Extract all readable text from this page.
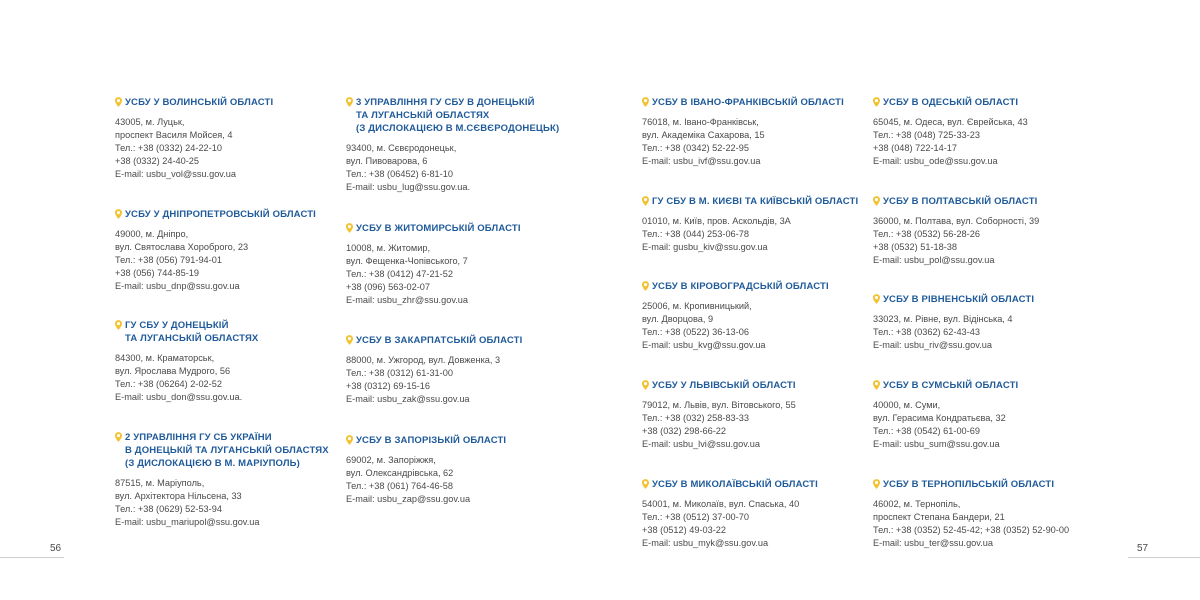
УСБУ У ВОЛИНСЬКІЙ ОБЛАСТІ
43005, м. Луцьк,
проспект Василя Мойсея, 4
Тел.: +38 (0332) 24-22-10
+38 (0332) 24-40-25
E-mail: usbu_vol@ssu.gov.ua
УСБУ У ДНІПРОПЕТРОВСЬКІЙ ОБЛАСТІ
49000, м. Дніпро,
вул. Святослава Хороброго, 23
Тел.: +38 (056) 791-94-01
+38 (056) 744-85-19
E-mail: usbu_dnp@ssu.gov.ua
ГУ СБУ У ДОНЕЦЬКІЙ
ТА ЛУГАНСЬКІЙ ОБЛАСТЯХ
84300, м. Краматорськ,
вул. Ярослава Мудрого, 56
Тел.: +38 (06264) 2-02-52
E-mail: usbu_don@ssu.gov.ua.
2 УПРАВЛІННЯ ГУ СБ УКРАЇНИ
В ДОНЕЦЬКІЙ ТА ЛУГАНСЬКІЙ ОБЛАСТЯХ
(З ДИСЛОКАЦІЄЮ В М. МАРІУПОЛЬ)
87515, м. Маріуполь,
вул. Архітектора Нільсена, 33
Тел.: +38 (0629) 52-53-94
E-mail: usbu_mariupol@ssu.gov.ua
3 УПРАВЛІННЯ ГУ СБУ В ДОНЕЦЬКІЙ
ТА ЛУГАНСЬКІЙ ОБЛАСТЯХ
(З ДИСЛОКАЦІЄЮ В М.СЄВЄРОДОНЕЦЬК)
93400, м. Сєвєродонецьк,
вул. Пивоварова, 6
Тел.: +38 (06452) 6-81-10
E-mail: usbu_lug@ssu.gov.ua.
УСБУ В ЖИТОМИРСЬКІЙ ОБЛАСТІ
10008, м. Житомир,
вул. Фещенка-Чопівського, 7
Тел.: +38 (0412) 47-21-52
+38 (096) 563-02-07
E-mail: usbu_zhr@ssu.gov.ua
УСБУ В ЗАКАРПАТСЬКІЙ ОБЛАСТІ
88000, м. Ужгород, вул. Довженка, 3
Тел.: +38 (0312) 61-31-00
+38 (0312) 69-15-16
E-mail: usbu_zak@ssu.gov.ua
УСБУ В ЗАПОРІЗЬКІЙ ОБЛАСТІ
69002, м. Запоріжжя,
вул. Олександрівська, 62
Тел.: +38 (061) 764-46-58
E-mail: usbu_zap@ssu.gov.ua
УСБУ В ІВАНО-ФРАНКІВСЬКІЙ ОБЛАСТІ
76018, м. Івано-Франківськ,
вул. Академіка Сахарова, 15
Тел.: +38 (0342) 52-22-95
E-mail: usbu_ivf@ssu.gov.ua
ГУ СБУ В М. КИЄВІ ТА КИЇВСЬКІЙ ОБЛАСТІ
01010, м. Київ, пров. Аскольдів, 3А
Тел.: +38 (044) 253-06-78
E-mail: gusbu_kiv@ssu.gov.ua
УСБУ В КІРОВОГРАДСЬКІЙ ОБЛАСТІ
25006, м. Кропивницький,
вул. Дворцова, 9
Тел.: +38 (0522) 36-13-06
E-mail: usbu_kvg@ssu.gov.ua
УСБУ У ЛЬВІВСЬКІЙ ОБЛАСТІ
79012, м. Львів, вул. Вітовського, 55
Тел.: +38 (032) 258-83-33
+38 (032) 298-66-22
E-mail: usbu_lvi@ssu.gov.ua
УСБУ В МИКОЛАЇВСЬКІЙ ОБЛАСТІ
54001, м. Миколаїв, вул. Спаська, 40
Тел.: +38 (0512) 37-00-70
+38 (0512) 49-03-22
E-mail: usbu_myk@ssu.gov.ua
УСБУ В ОДЕСЬКІЙ ОБЛАСТІ
65045, м. Одеса, вул. Єврейська, 43
Тел.: +38 (048) 725-33-23
+38 (048) 722-14-17
E-mail: usbu_ode@ssu.gov.ua
УСБУ В ПОЛТАВСЬКІЙ ОБЛАСТІ
36000, м. Полтава, вул. Соборності, 39
Тел.: +38 (0532) 56-28-26
+38 (0532) 51-18-38
E-mail: usbu_pol@ssu.gov.ua
УСБУ В РІВНЕНСЬКІЙ ОБЛАСТІ
33023, м. Рівне, вул. Відінська, 4
Тел.: +38 (0362) 62-43-43
E-mail: usbu_riv@ssu.gov.ua
УСБУ В СУМСЬКІЙ ОБЛАСТІ
40000, м. Суми,
вул. Герасима Кондратьєва, 32
Тел.: +38 (0542) 61-00-69
E-mail: usbu_sum@ssu.gov.ua
УСБУ В ТЕРНОПІЛЬСЬКІЙ ОБЛАСТІ
46002, м. Тернопіль,
проспект Степана Бандери, 21
Тел.: +38 (0352) 52-45-42; +38 (0352) 52-90-00
E-mail: usbu_ter@ssu.gov.ua
56	57
